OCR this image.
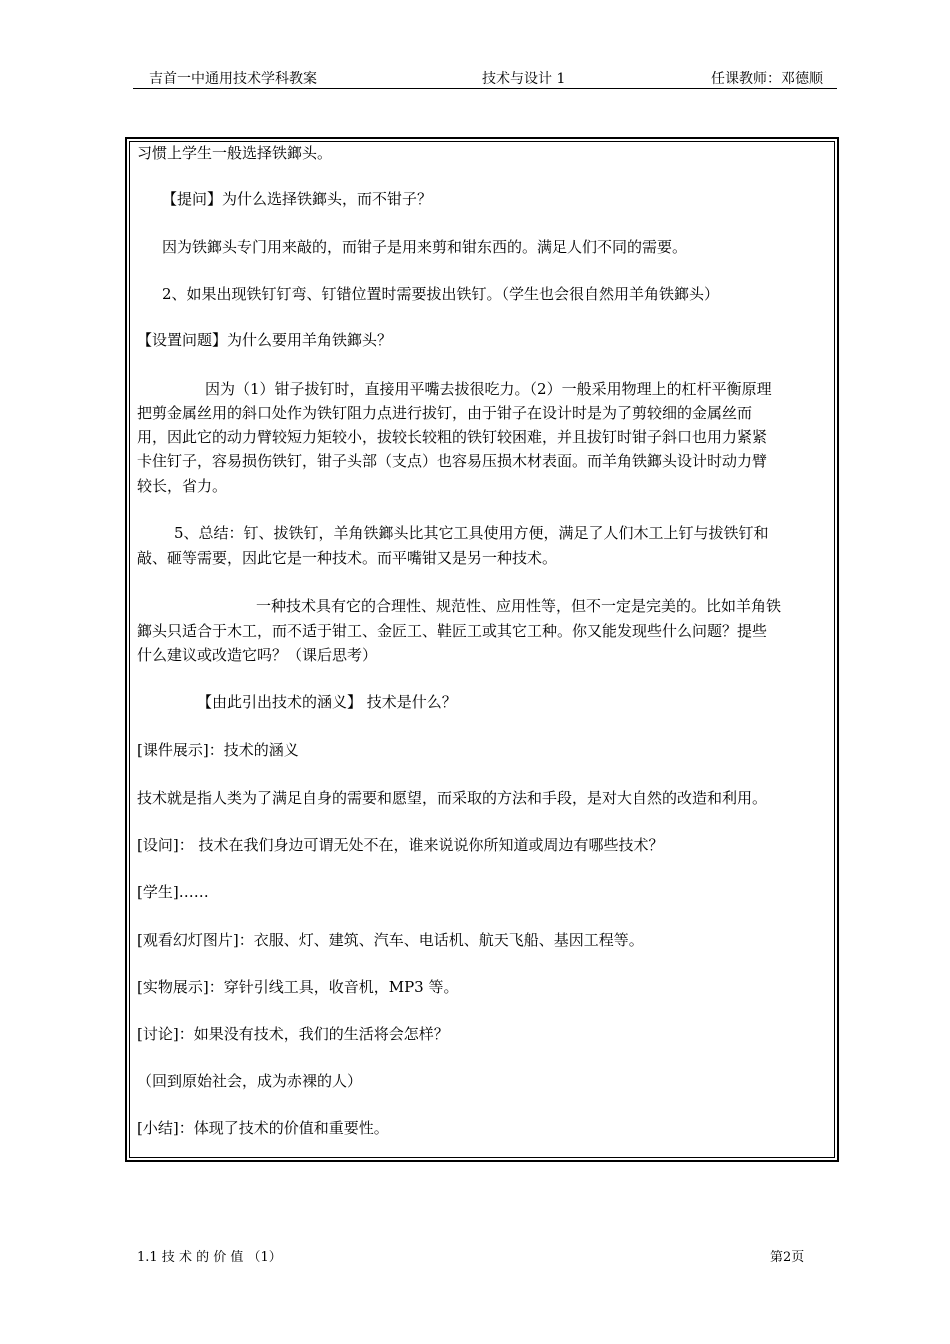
吉首一中通用技术学科教案	技术与设计 1	任课教师：邓德顺
习惯上学生一般选择铁鎯头。
【提问】为什么选择铁鎯头，而不钳子？
因为铁鎯头专门用来敲的，而钳子是用来剪和钳东西的。满足人们不同的需要。
2、如果出现铁钉钉弯、钉错位置时需要拔出铁钉。（学生也会很自然用羊角铁鎯头）
【设置问题】为什么要用羊角铁鎯头？
因为（1）钳子拔钉时，直接用平嘴去拔很吃力。（2）一般采用物理上的杠杆平衡原理
把剪金属丝用的斜口处作为铁钉阻力点进行拔钉，由于钳子在设计时是为了剪较细的金属丝而
用，因此它的动力臂较短力矩较小，拔较长较粗的铁钉较困难，并且拔钉时钳子斜口也用力紧紧
卡住钉子，容易损伤铁钉，钳子头部（支点）也容易压损木材表面。而羊角铁鎯头设计时动力臂
较长，省力。
5、总结：钉、拔铁钉，羊角铁鎯头比其它工具使用方便，满足了人们木工上钉与拔铁钉和
敲、砸等需要，因此它是一种技术。而平嘴钳又是另一种技术。
一种技术具有它的合理性、规范性、应用性等，但不一定是完美的。比如羊角铁
鎯头只适合于木工，而不适于钳工、金匠工、鞋匠工或其它工种。你又能发现些什么问题？提些
什么建议或改造它吗？（课后思考）
【由此引出技术的涵义】 技术是什么？
[课件展示]：技术的涵义
技术就是指人类为了满足自身的需要和愿望，而采取的方法和手段，是对大自然的改造和利用。
[设问]： 技术在我们身边可谓无处不在，谁来说说你所知道或周边有哪些技术？
[学生]……
[观看幻灯图片]：衣服、灯、建筑、汽车、电话机、航天飞船、基因工程等。
[实物展示]：穿针引线工具，收音机，MP3 等。
[讨论]：如果没有技术，我们的生活将会怎样？
（回到原始社会，成为赤裸的人）
[小结]：体现了技术的价值和重要性。
1.1 技 术 的 价 值 （1）	第2页
